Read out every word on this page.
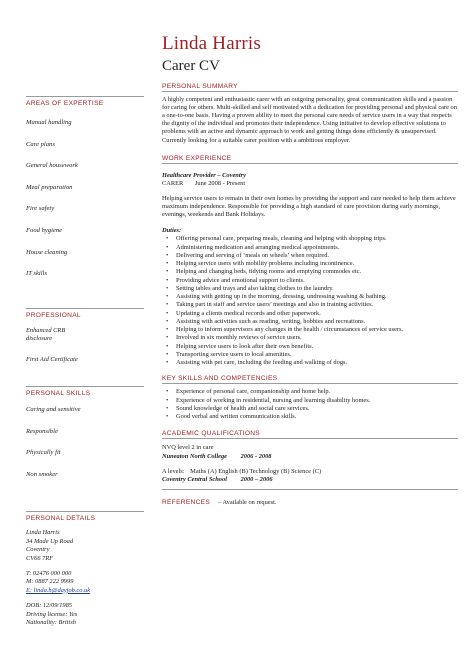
Linda Harris
Carer CV
AREAS OF EXPERTISE
Manual handling
Care plans
General housework
Meal preparation
Fire safety
Food hygiene
House cleaning
IT skills
PROFESSIONAL
Enhanced CRB
disclosure
First Aid Certificate
PERSONAL SKILLS
Caring and sensitive
Responsible
Physically fit
Non smoker
PERSONAL DETAILS
Linda Harris
34 Made Up Road
Coventry
CV66 7RF
T: 02476 000 000
M: 0887 222 9999
E: linda.h@dayjob.co.uk
DOB: 12/09/1985
Driving license: Yes
Nationality: British
PERSONAL SUMMARY

A highly competent and enthusiastic carer with an outgoing personality, great communication skills and a passion for caring for others. Multi-skilled and self motivated with a dedication for providing personal and physical care on a one-to-one basis. Having a proven ability to meet the personal care needs of service users in a way that respects the dignity of the individual and promotes their independence. Using initiative to develop effective solutions to problems with an active and dynamic approach to work and getting things done efficiently & unsupervised.

Currently looking for a suitable carer position with a ambitious employer.

WORK EXPERIENCE
Healthcare Provider – Coventry
CARER June 2008 - Present

Helping service users to remain in their own homes by providing the support and care needed to help them achieve maximum independence. Responsible for providing a high standard of care provision during early mornings, evenings, weekends and Bank Holidays.

Duties:
• Offering personal care, preparing meals, cleaning and helping with shopping trips.
• Administering medication and arranging medical appointments.
• Delivering and serving of ‘meals on wheels’ when required.
• Helping service users with mobility problems including incontinence.
• Helping and changing beds, tidying rooms and emptying commodes etc.
• Providing advice and emotional support to clients.
• Setting tables and trays and also taking clothes to the laundry.
• Assisting with getting up in the morning, dressing, undressing washing & bathing.
• Taking part in staff and service users’ meetings and also in training activities.
• Updating a clients medical records and other paperwork.
• Assisting with activities such as reading, writing, hobbies and recreations.
• Helping to inform supervisors any changes in the health / circumstances of service users.
• Involved in six monthly reviews of service users.
• Helping service users to look after their own benefits.
• Transporting service users to local amenities.
• Assisting with pet care, including the feeding and walking of dogs.
KEY SKILLS AND COMPETENCIES
• Experience of personal care, companionship and home help.
• Experience of working in residential, nursing and learning disability homes.
• Sound knowledge of health and social care services.
• Good verbal and written communication skills.
ACADEMIC QUALIFICATIONS
NVQ level 2 in care
Nuneaton North College 2006 - 2008
A levels: Maths (A) English (B) Technology (B) Science (C)
Coventry Central School 2000 – 2006
REFERENCES – Available on request.
